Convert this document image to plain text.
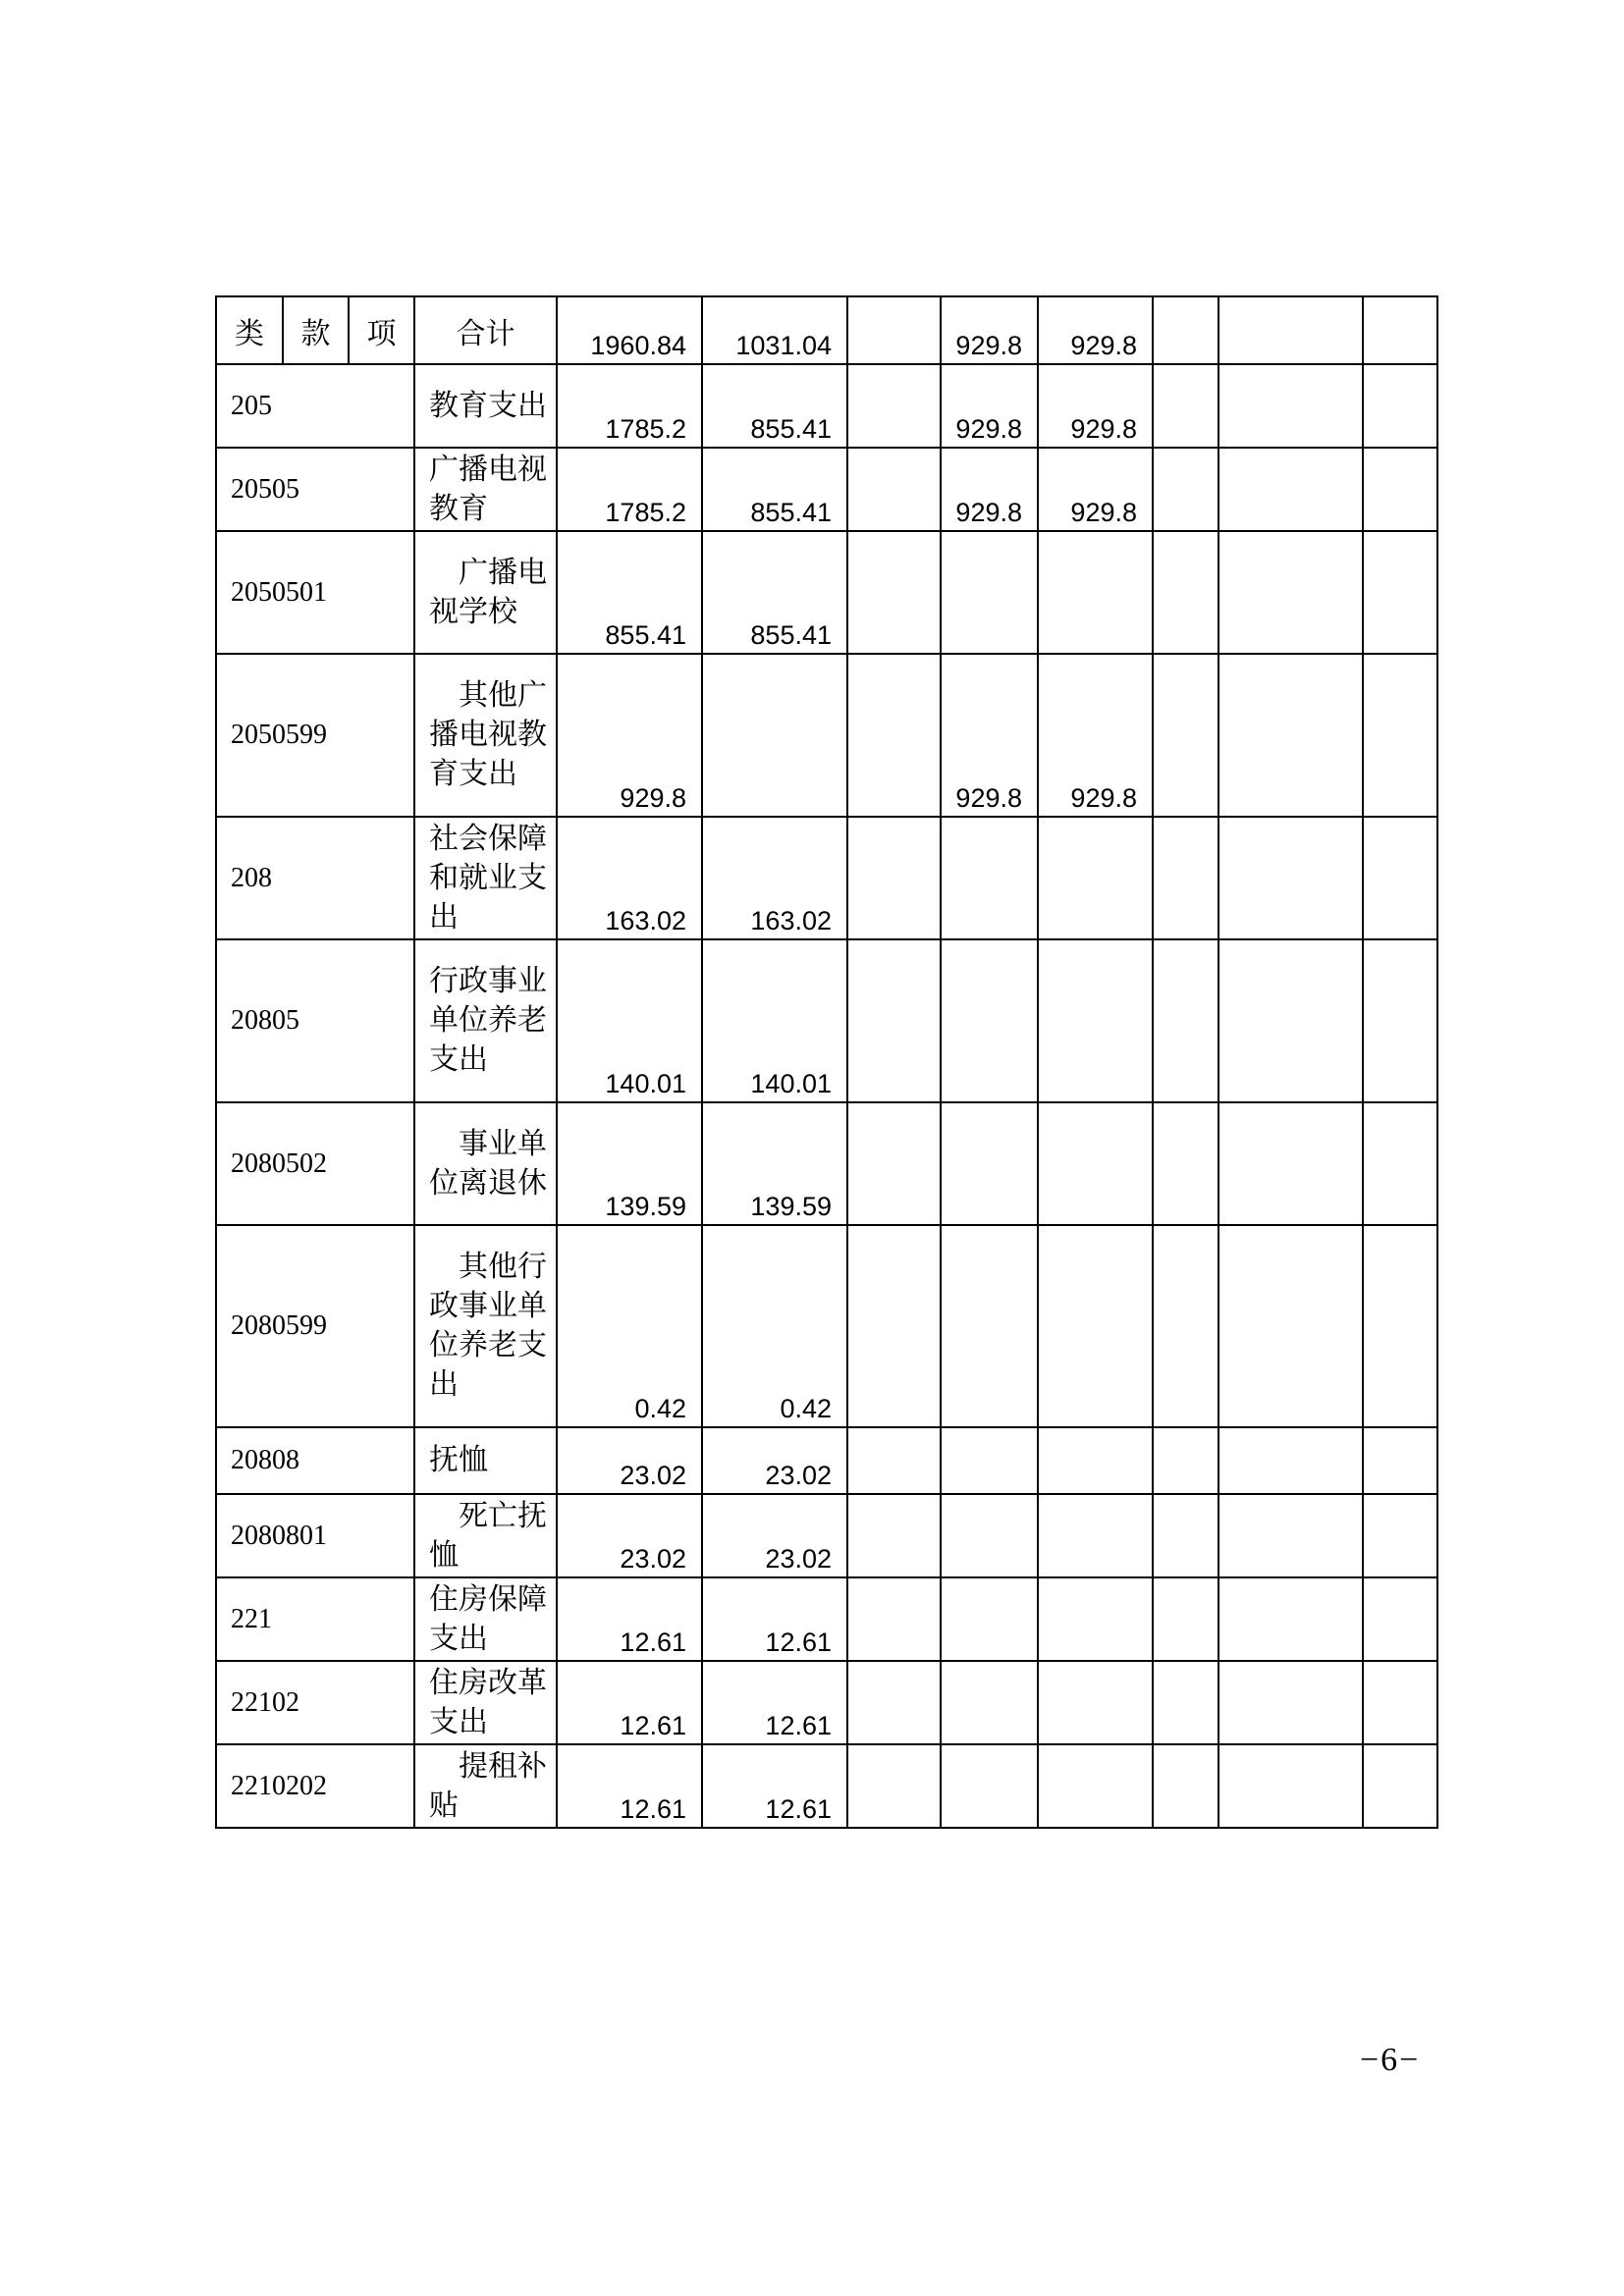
类	款	项	合计	1960.84	1031.04		929.8	929.8			
205			教育支出	1785.2	855.41		929.8	929.8			
20505			广播电视教育	1785.2	855.41		929.8	929.8			
2050501			广播电视学校	855.41	855.41						
2050599			其他广播电视教育支出	929.8			929.8	929.8			
208			社会保障和就业支出	163.02	163.02						
20805			行政事业单位养老支出	140.01	140.01						
2080502			事业单位离退休	139.59	139.59						
2080599			其他行政事业单位养老支出	0.42	0.42						
20808			抚恤	23.02	23.02						
2080801			死亡抚恤	23.02	23.02						
221			住房保障支出	12.61	12.61						
22102			住房改革支出	12.61	12.61						
2210202			提租补贴	12.61	12.61						
−6−
